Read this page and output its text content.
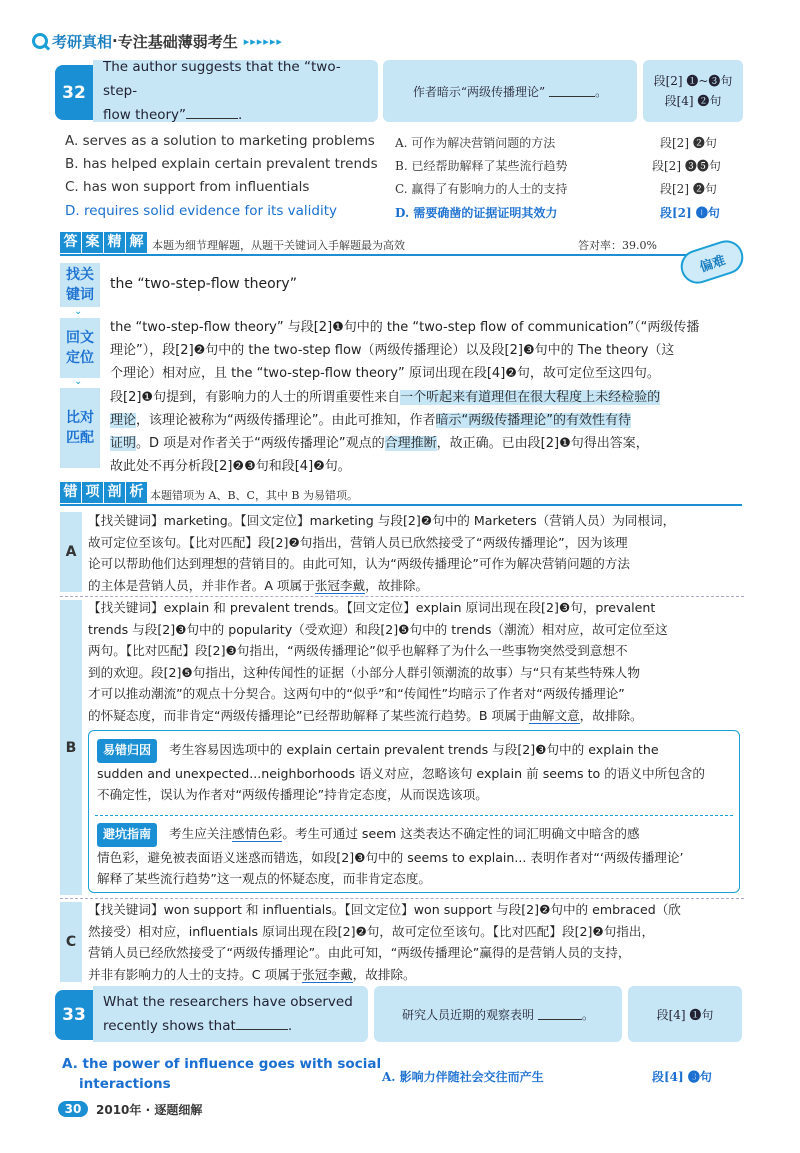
考研真相 · 专注基础薄弱考生 ▸▸▸▸▸▸
32
The author suggests that the “two-step-
flow theory”	.
作者暗示“两级传播理论”	。
段[2] ❶~❸句
段[4] ❷句
A. serves as a solution to marketing problems A. 可作为解决营销问题的方法	段[2] ❷句
B. has helped explain certain prevalent trends B. 已经帮助解释了某些流行趋势	段[2] ❸❺句
C. has won support from influentials	C. 赢得了有影响力的人士的支持	段[2] ❷句
D. requires solid evidence for its validity	D. 需要确凿的证据证明其效力	段[2] ❶句
答 案 精 解 本题为细节理解题，从题干关键词入手解题最为高效	答对率：39.0%
偏难
找关
键词
the “two-step-flow theory”
⌄
回文
定位
the “two-step-flow theory” 与段[2]❶句中的 the “two-step flow of communication”（“两级传播
理论”），段[2]❷句中的 the two-step flow（两级传播理论）以及段[2]❸句中的 The theory（这
个理论）相对应，且 the “two-step-flow theory” 原词出现在段[4]❷句，故可定位至这四句。
⌄
比对
匹配
段[2]❶句提到，有影响力的人士的所谓重要性来自一个听起来有道理但在很大程度上未经检验的
理论，该理论被称为“两级传播理论”。由此可推知，作者暗示“两级传播理论”的有效性有待
证明。D 项是对作者关于“两级传播理论”观点的合理推断，故正确。已由段[2]❶句得出答案，
故此处不再分析段[2]❷❸句和段[4]❷句。
错 项 剖 析 本题错项为 A、B、C，其中 B 为易错项。
A
【找关键词】marketing。【回文定位】marketing 与段[2]❷句中的 Marketers（营销人员）为同根词，
故可定位至该句。【比对匹配】段[2]❷句指出，营销人员已欣然接受了“两级传播理论”，因为该理
论可以帮助他们达到理想的营销目的。由此可知，认为“两级传播理论”可作为解决营销问题的方法
的主体是营销人员，并非作者。A 项属于张冠李戴，故排除。
B
【找关键词】explain 和 prevalent trends。【回文定位】explain 原词出现在段[2]❸句，prevalent
trends 与段[2]❸句中的 popularity（受欢迎）和段[2]❺句中的 trends（潮流）相对应，故可定位至这
两句。【比对匹配】段[2]❸句指出，“两级传播理论”似乎也解释了为什么一些事物突然受到意想不
到的欢迎。段[2]❺句指出，这种传闻性的证据（小部分人群引领潮流的故事）与“只有某些特殊人物
才可以推动潮流”的观点十分契合。这两句中的“似乎”和“传闻性”均暗示了作者对“两级传播理论”
的怀疑态度，而非肯定“两级传播理论”已经帮助解释了某些流行趋势。B 项属于曲解文意，故排除。
易错归因 考生容易因选项中的 explain certain prevalent trends 与段[2]❸句中的 explain the
sudden and unexpected...neighborhoods 语义对应，忽略该句 explain 前 seems to 的语义中所包含的
不确定性，误认为作者对“两级传播理论”持肯定态度，从而误选该项。
避坑指南 考生应关注感情色彩。考生可通过 seem 这类表达不确定性的词汇明确文中暗含的感
情色彩，避免被表面语义迷惑而错选，如段[2]❸句中的 seems to explain... 表明作者对“‘两级传播理论’
解释了某些流行趋势”这一观点的怀疑态度，而非肯定态度。
C
【找关键词】won support 和 influentials。【回文定位】won support 与段[2]❷句中的 embraced（欣
然接受）相对应，influentials 原词出现在段[2]❷句，故可定位至该句。【比对匹配】段[2]❷句指出，
营销人员已经欣然接受了“两级传播理论”。由此可知，“两级传播理论”赢得的是营销人员的支持，
并非有影响力的人士的支持。C 项属于张冠李戴，故排除。
33
What the researchers have observed
recently shows that	.
研究人员近期的观察表明	。	段[4] ❶句
A. the power of influence goes with social
interactions	A. 影响力伴随社会交往而产生	段[4] ❸句
30	2010年 · 逐题细解
